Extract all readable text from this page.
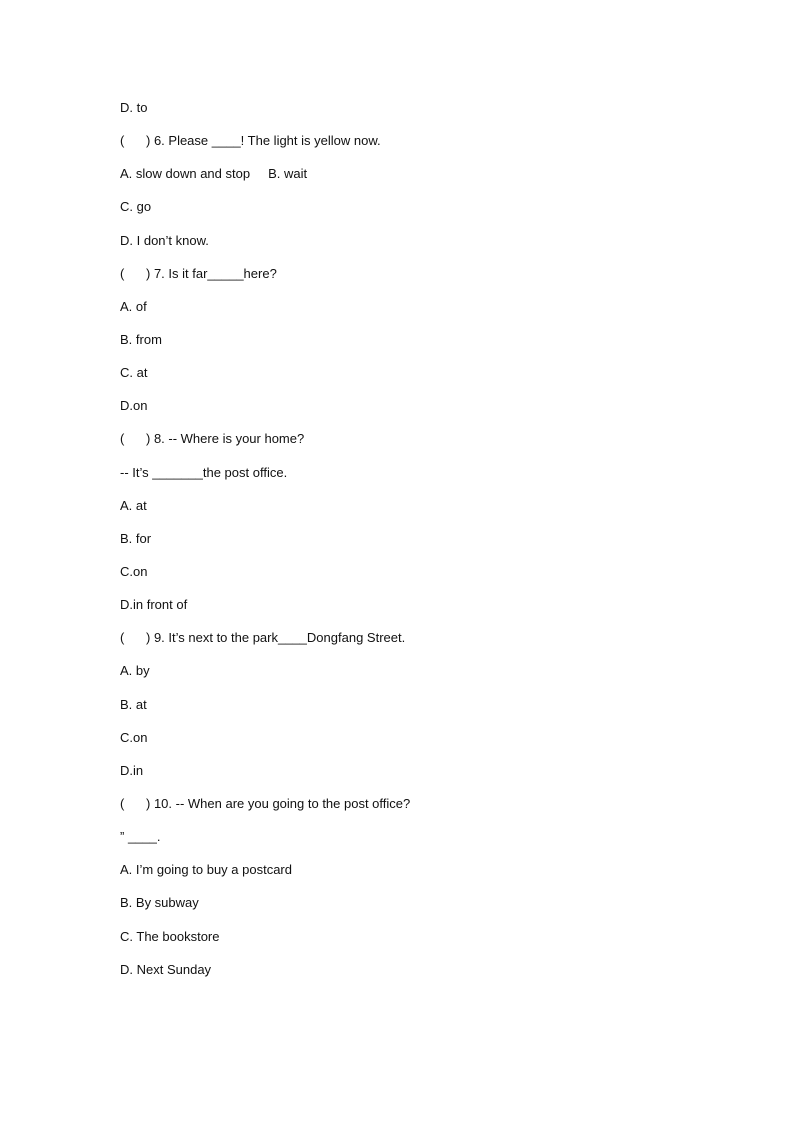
D. to
(      ) 6. Please ____! The light is yellow now.
A. slow down and stop     B. wait
C. go
D. I don’t know.
(      ) 7. Is it far_____here?
A. of
B. from
C. at
D.on
(      ) 8. -- Where is your home?
-- It’s _______the post office.
A. at
B. for
C.on
D.in front of
(      ) 9. It’s next to the park____Dongfang Street.
A. by
B. at
C.on
D.in
(      ) 10. -- When are you going to the post office?
” ____.
A. I’m going to buy a postcard
B. By subway
C. The bookstore
D. Next Sunday
